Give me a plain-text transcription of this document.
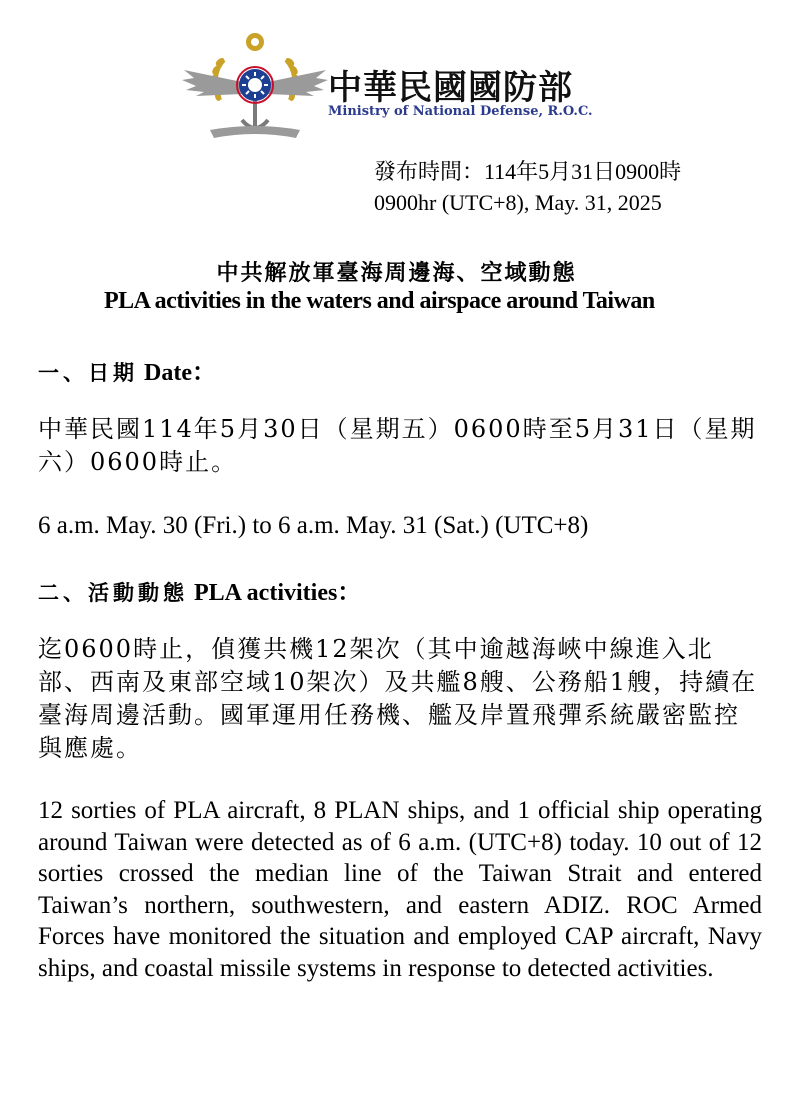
中華民國國防部
Ministry of National Defense, R.O.C.
發布時間：114年5月31日0900時
0900hr (UTC+8), May. 31, 2025
中共解放軍臺海周邊海、空域動態
PLA activities in the waters and airspace around Taiwan
一、日期 Date：
中華民國114年5月30日（星期五）0600時至5月31日（星期六）0600時止。
6 a.m. May. 30 (Fri.) to 6 a.m. May. 31 (Sat.) (UTC+8)
二、活動動態 PLA activities：
迄0600時止，偵獲共機12架次（其中逾越海峽中線進入北部、西南及東部空域10架次）及共艦8艘、公務船1艘，持續在臺海周邊活動。國軍運用任務機、艦及岸置飛彈系統嚴密監控與應處。
12 sorties of PLA aircraft, 8 PLAN ships, and 1 official ship operating around Taiwan were detected as of 6 a.m. (UTC+8) today. 10 out of 12 sorties crossed the median line of the Taiwan Strait and entered Taiwan’s northern, southwestern, and eastern ADIZ. ROC Armed Forces have monitored the situation and employed CAP aircraft, Navy ships, and coastal missile systems in response to detected activities.
